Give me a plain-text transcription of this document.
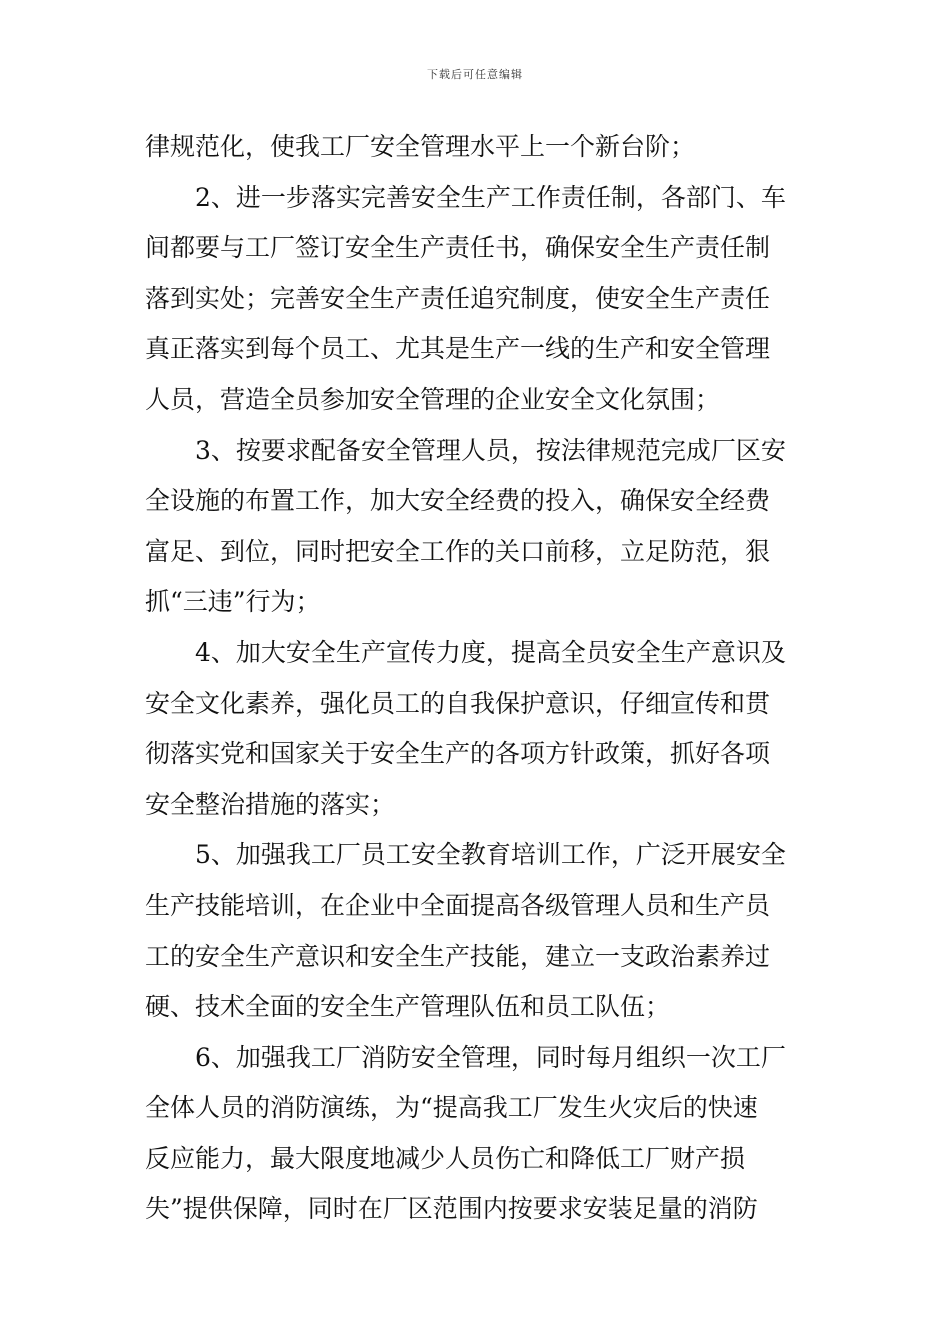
下载后可任意编辑
律规范化，使我工厂安全管理水平上一个新台阶；
2、进一步落实完善安全生产工作责任制，各部门、车
间都要与工厂签订安全生产责任书，确保安全生产责任制
落到实处；完善安全生产责任追究制度，使安全生产责任
真正落实到每个员工、尤其是生产一线的生产和安全管理
人员，营造全员参加安全管理的企业安全文化氛围；
3、按要求配备安全管理人员，按法律规范完成厂区安
全设施的布置工作，加大安全经费的投入，确保安全经费
富足、到位，同时把安全工作的关口前移，立足防范，狠
抓“三违”行为；
4、加大安全生产宣传力度，提高全员安全生产意识及
安全文化素养，强化员工的自我保护意识，仔细宣传和贯
彻落实党和国家关于安全生产的各项方针政策，抓好各项
安全整治措施的落实；
5、加强我工厂员工安全教育培训工作，广泛开展安全
生产技能培训，在企业中全面提高各级管理人员和生产员
工的安全生产意识和安全生产技能，建立一支政治素养过
硬、技术全面的安全生产管理队伍和员工队伍；
6、加强我工厂消防安全管理，同时每月组织一次工厂
全体人员的消防演练，为“提高我工厂发生火灾后的快速
反应能力，最大限度地减少人员伤亡和降低工厂财产损
失”提供保障，同时在厂区范围内按要求安装足量的消防
